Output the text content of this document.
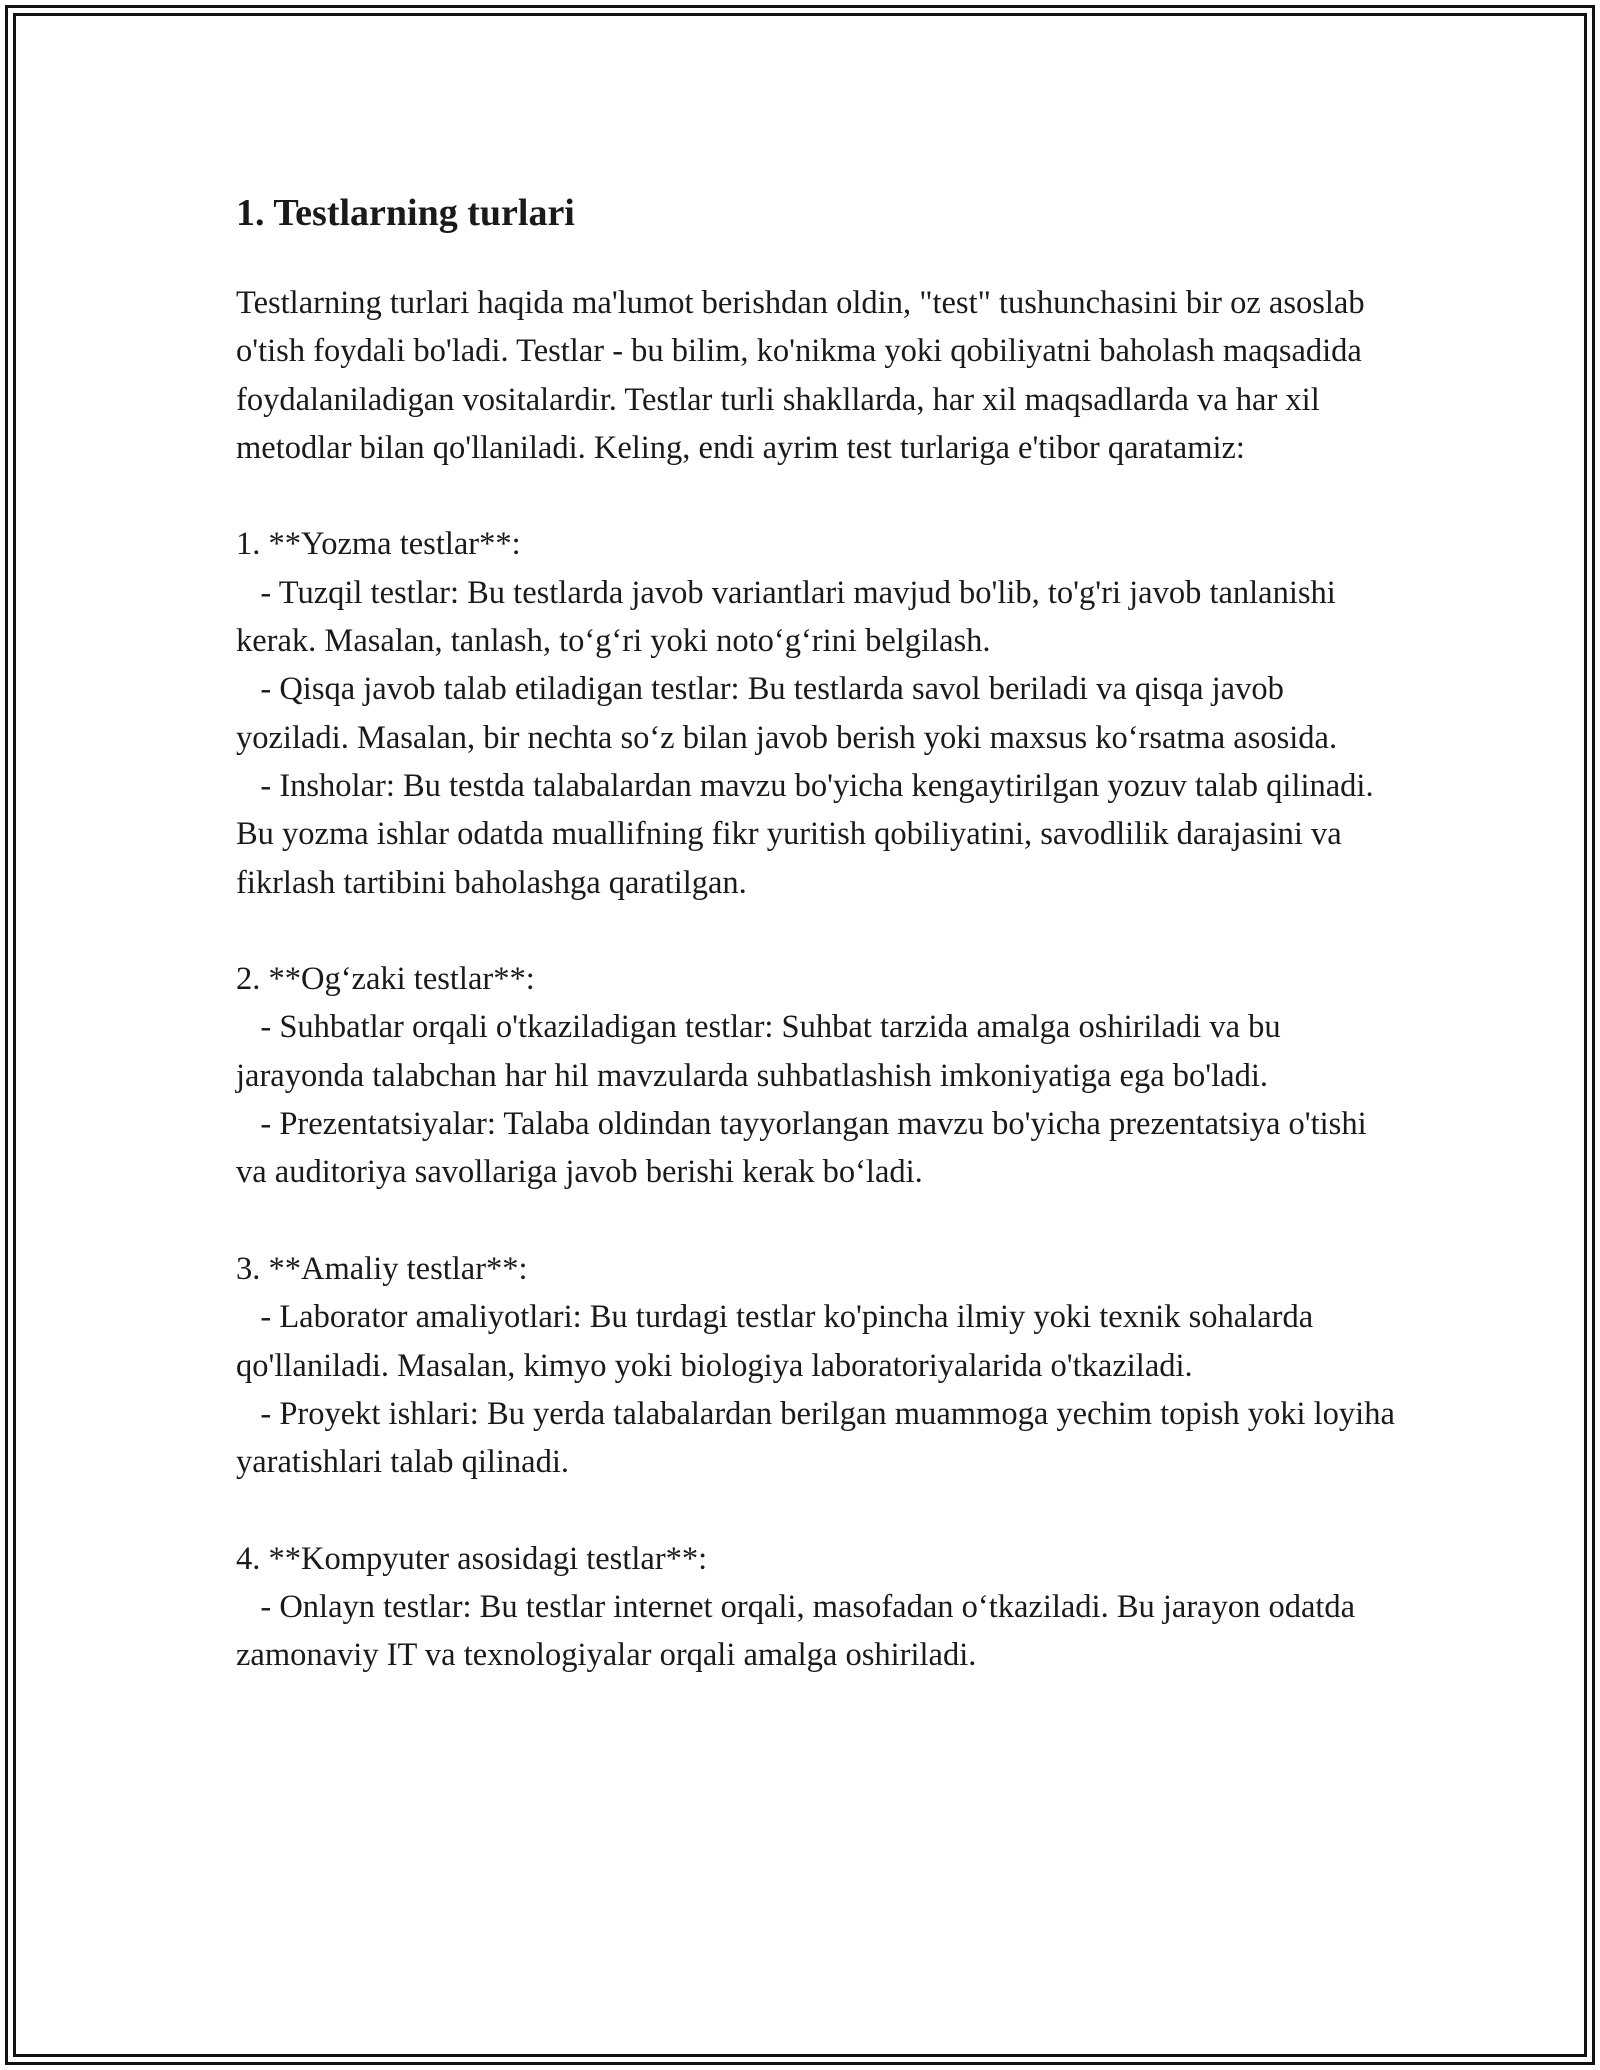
1. Testlarning turlari

Testlarning turlari haqida ma'lumot berishdan oldin, "test" tushunchasini bir oz asoslab o'tish foydali bo'ladi. Testlar - bu bilim, ko'nikma yoki qobiliyatni baholash maqsadida foydalaniladigan vositalardir. Testlar turli shakllarda, har xil maqsadlarda va har xil metodlar bilan qo'llaniladi. Keling, endi ayrim test turlariga e'tibor qaratamiz:

1. **Yozma testlar**:

- Tuzqil testlar: Bu testlarda javob variantlari mavjud bo'lib, to'g'ri javob tanlanishi kerak. Masalan, tanlash, to‘g‘ri yoki noto‘g‘rini belgilash.

- Qisqa javob talab etiladigan testlar: Bu testlarda savol beriladi va qisqa javob yoziladi. Masalan, bir nechta so‘z bilan javob berish yoki maxsus ko‘rsatma asosida.

- Insholar: Bu testda talabalardan mavzu bo'yicha kengaytirilgan yozuv talab qilinadi. Bu yozma ishlar odatda muallifning fikr yuritish qobiliyatini, savodlilik darajasini va fikrlash tartibini baholashga qaratilgan.

2. **Og‘zaki testlar**:

- Suhbatlar orqali o'tkaziladigan testlar: Suhbat tarzida amalga oshiriladi va bu jarayonda talabchan har hil mavzularda suhbatlashish imkoniyatiga ega bo'ladi.

- Prezentatsiyalar: Talaba oldindan tayyorlangan mavzu bo'yicha prezentatsiya o'tishi va auditoriya savollariga javob berishi kerak bo‘ladi.

3. **Amaliy testlar**:

- Laborator amaliyotlari: Bu turdagi testlar ko'pincha ilmiy yoki texnik sohalarda qo'llaniladi. Masalan, kimyo yoki biologiya laboratoriyalarida o'tkaziladi.

- Proyekt ishlari: Bu yerda talabalardan berilgan muammoga yechim topish yoki loyiha yaratishlari talab qilinadi.

4. **Kompyuter asosidagi testlar**:

- Onlayn testlar: Bu testlar internet orqali, masofadan o‘tkaziladi. Bu jarayon odatda zamonaviy IT va texnologiyalar orqali amalga oshiriladi.
